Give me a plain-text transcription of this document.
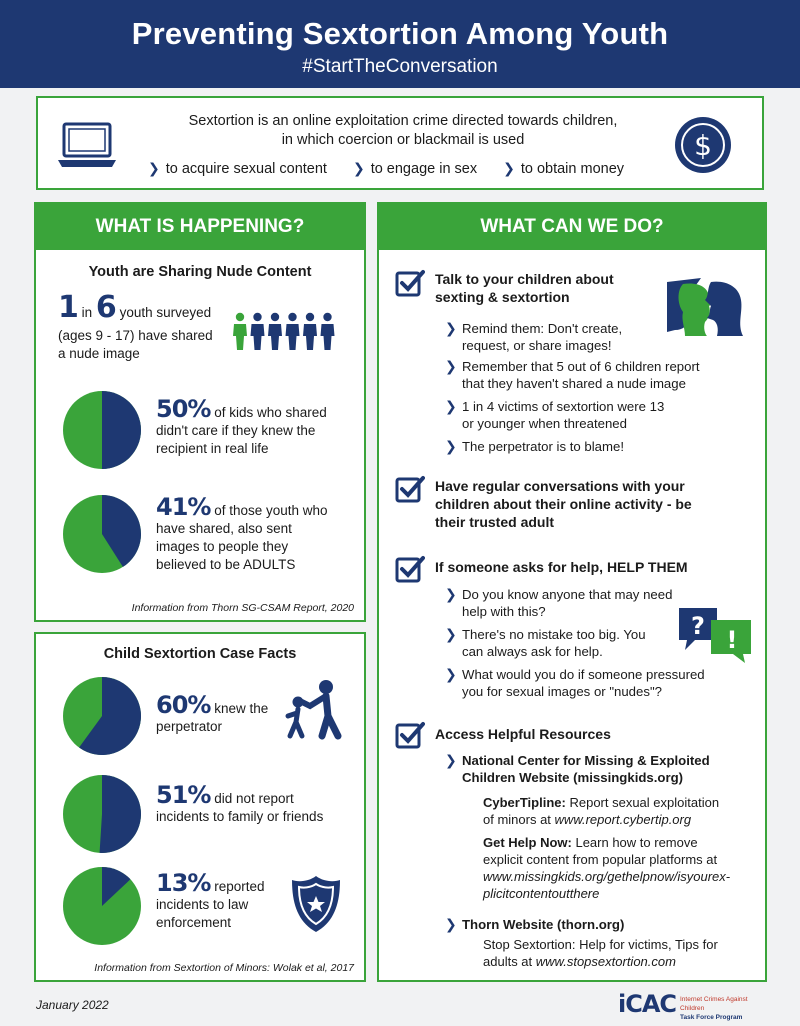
Preventing Sextortion Among Youth
#StartTheConversation
Sextortion is an online exploitation crime directed towards children,
in which coercion or blackmail is used
❯ to acquire sexual content ❯ to engage in sex ❯ to obtain money
$
WHAT IS HAPPENING?
Youth are Sharing Nude Content
1 in 6 youth surveyed
(ages 9 - 17) have shared
a nude image
50% of kids who shared
didn't care if they knew the
recipient in real life
41% of those youth who
have shared, also sent
images to people they
believed to be ADULTS
Information from Thorn SG-CSAM Report, 2020
Child Sextortion Case Facts
60% knew the
perpetrator
51% did not report
incidents to family or friends
13% reported
incidents to law
enforcement
Information from Sextortion of Minors: Wolak et al, 2017
WHAT CAN WE DO?
Talk to your children about
sexting & sextortion
❯ Remind them: Don't create,
request, or share images!
❯ Remember that 5 out of 6 children report
that they haven't shared a nude image
❯ 1 in 4 victims of sextortion were 13
or younger when threatened
❯ The perpetrator is to blame!
Have regular conversations with your
children about their online activity - be
their trusted adult
If someone asks for help, HELP THEM
❯ Do you know anyone that may need
help with this?
❯ There's no mistake too big. You
can always ask for help.
❯ What would you do if someone pressured
you for sexual images or "nudes"?
? !
Access Helpful Resources
❯ National Center for Missing & Exploited
Children Website (missingkids.org)
CyberTipline: Report sexual exploitation
of minors at www.report.cybertip.org
Get Help Now: Learn how to remove
explicit content from popular platforms at
www.missingkids.org/gethelpnow/isyourex-
plicitcontentoutthere
❯ Thorn Website (thorn.org)
Stop Sextortion: Help for victims, Tips for
adults at www.stopsextortion.com
January 2022	iCAC Internet Crimes Against Children
Task Force Program
